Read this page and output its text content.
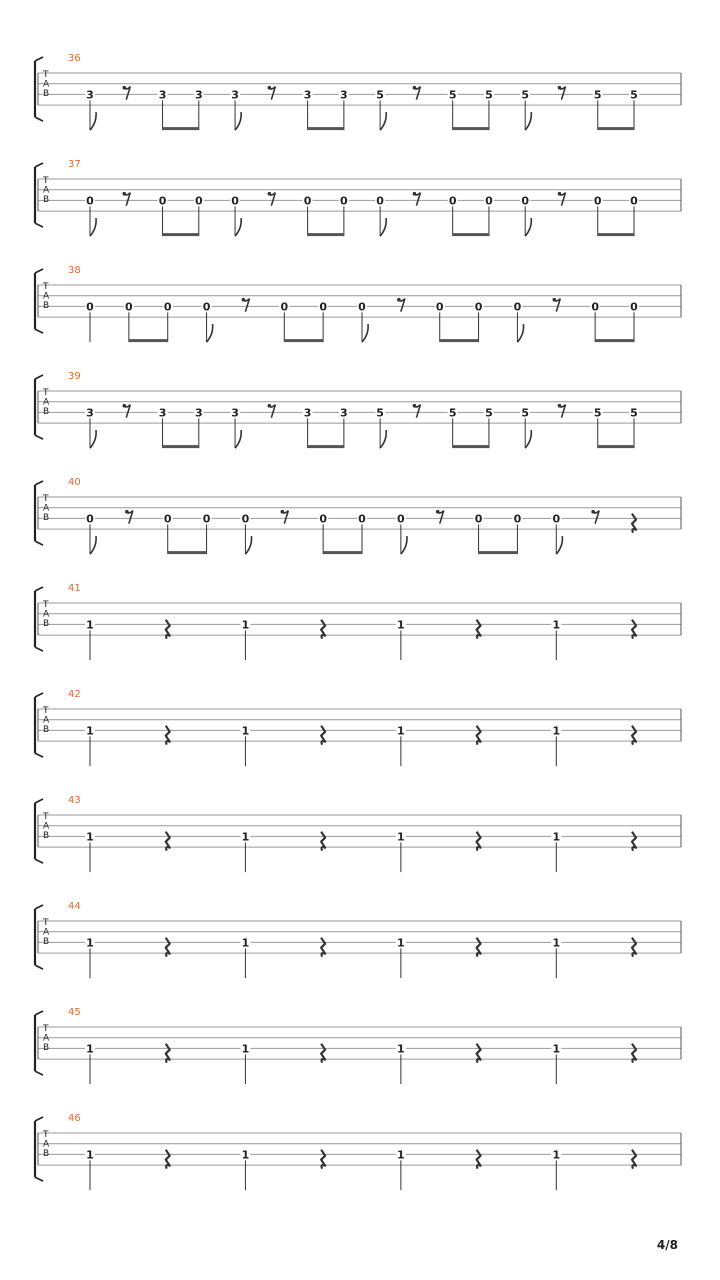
T
A
B
36
3	3	3	3	3	3	5	5	5	5	5	5
T
A
B
37
0	0	0	0	0	0	0	0	0	0	0	0
T
A
B
38
0	0	0	0	0	0	0	0	0	0	0	0
T
A
B
39
3	3	3	3	3	3	5	5	5	5	5	5
T
A
B
40
0	0	0	0	0	0	0	0	0	0
T
A
B
41
1	1	1	1
T
A
B
42
1	1	1	1
T
A
B
43
1	1	1	1
T
A
B
44
1	1	1	1
T
A
B
45
1	1	1	1
T
A
B
46
1	1	1	1
4/8
